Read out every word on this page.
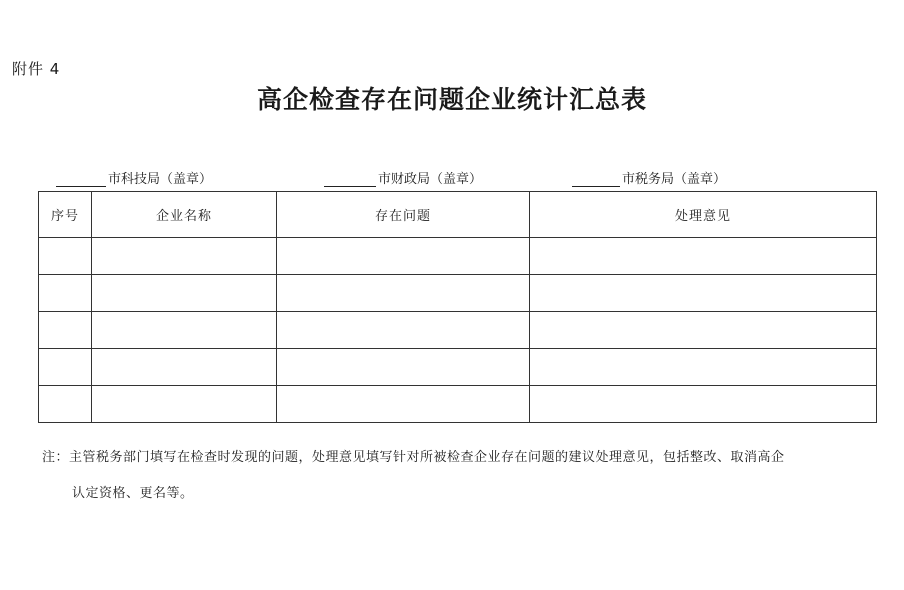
附件 4
高企检查存在问题企业统计汇总表
市科技局（盖章）	市财政局（盖章）	市税务局（盖章）
序号	企业名称	存在问题	处理意见

注：主管税务部门填写在检查时发现的问题，处理意见填写针对所被检查企业存在问题的建议处理意见，包括整改、取消高企
认定资格、更名等。
